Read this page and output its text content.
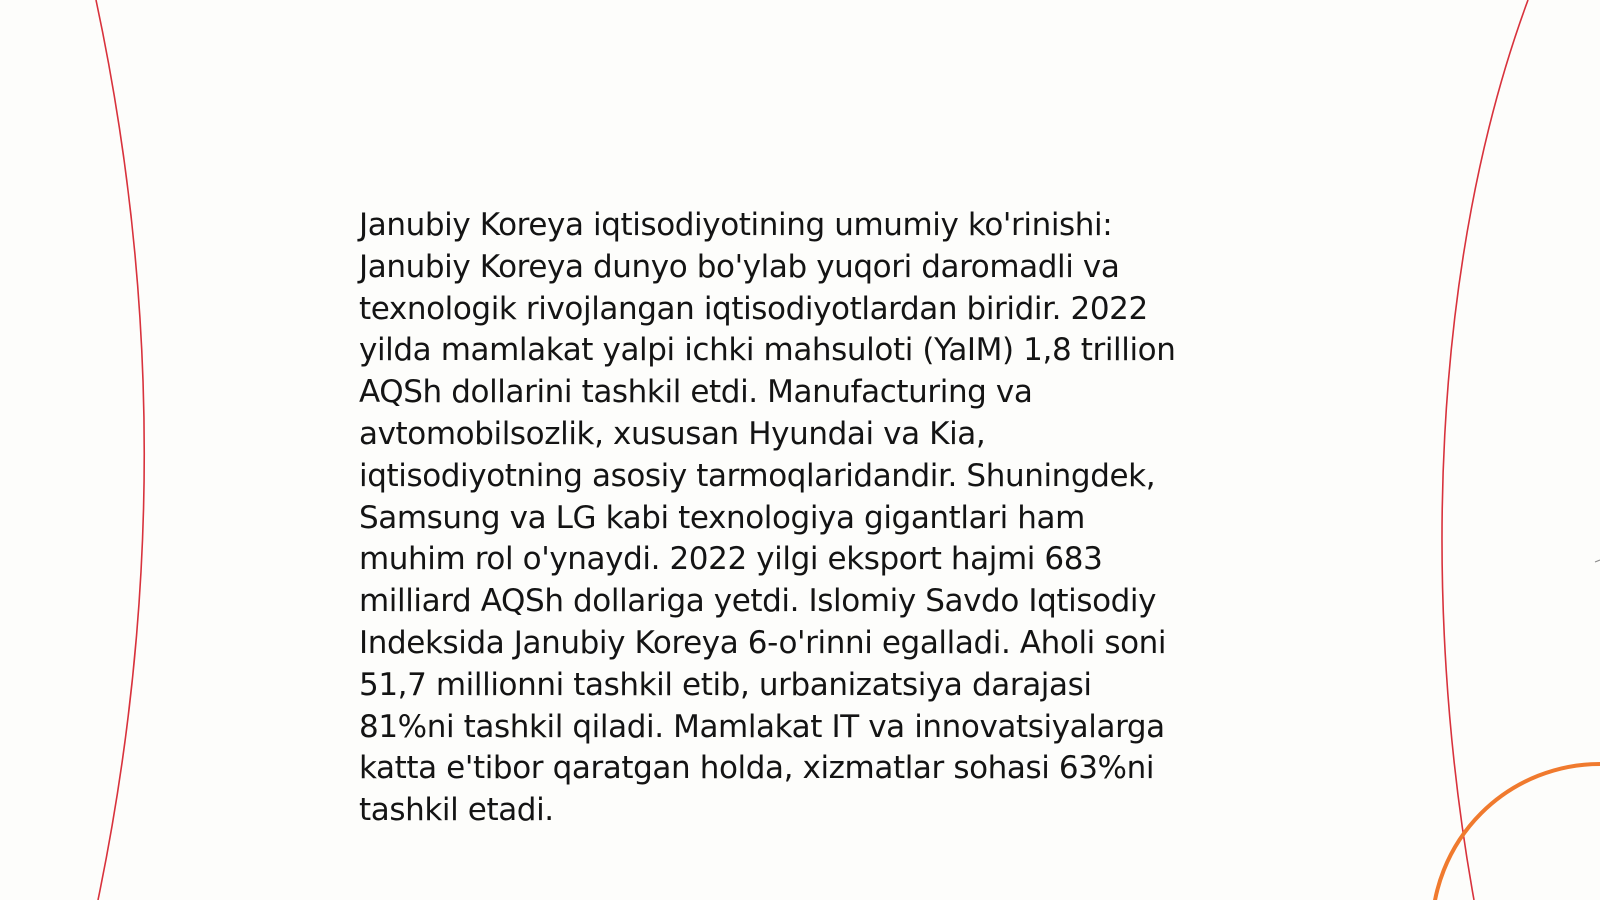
Janubiy Koreya iqtisodiyotining umumiy ko'rinishi:
Janubiy Koreya dunyo bo'ylab yuqori daromadli va
texnologik rivojlangan iqtisodiyotlardan biridir. 2022
yilda mamlakat yalpi ichki mahsuloti (YaIM) 1,8 trillion
AQSh dollarini tashkil etdi. Manufacturing va
avtomobilsozlik, xususan Hyundai va Kia,
iqtisodiyotning asosiy tarmoqlaridandir. Shuningdek,
Samsung va LG kabi texnologiya gigantlari ham
muhim rol o'ynaydi. 2022 yilgi eksport hajmi 683
milliard AQSh dollariga yetdi. Islomiy Savdo Iqtisodiy
Indeksida Janubiy Koreya 6-o'rinni egalladi. Aholi soni
51,7 millionni tashkil etib, urbanizatsiya darajasi
81%ni tashkil qiladi. Mamlakat IT va innovatsiyalarga
katta e'tibor qaratgan holda, xizmatlar sohasi 63%ni
tashkil etadi.
